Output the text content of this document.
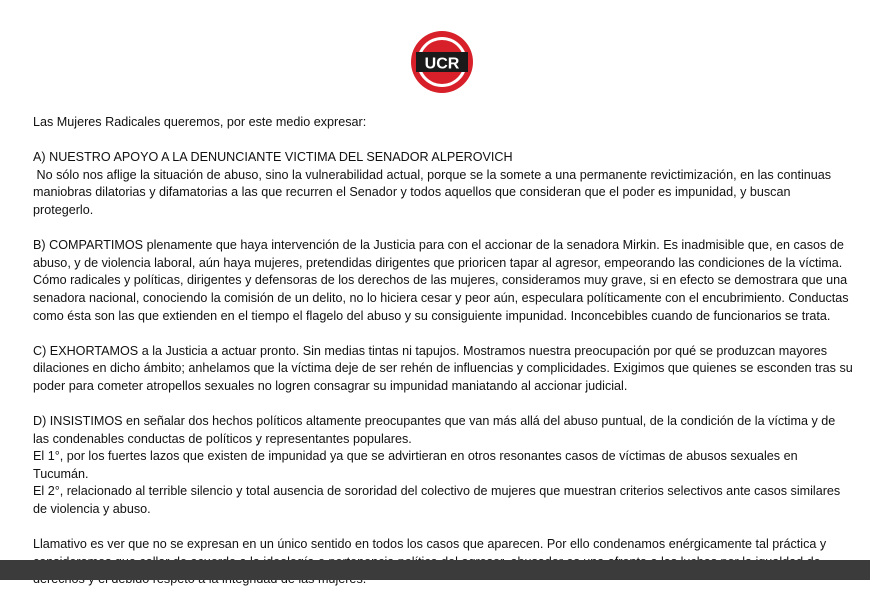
UCR

Las Mujeres Radicales queremos, por este medio expresar:

A) NUESTRO APOYO A LA DENUNCIANTE VICTIMA DEL SENADOR ALPEROVICH

No sólo nos aflige la situación de abuso, sino la vulnerabilidad actual, porque se la somete a una permanente revictimización, en las continuas maniobras dilatorias y difamatorias a las que recurren el Senador y todos aquellos que consideran que el poder es impunidad, y buscan protegerlo.

B) COMPARTIMOS plenamente que haya intervención de la Justicia para con el accionar de la senadora Mirkin. Es inadmisible que, en casos de abuso, y de violencia laboral, aún haya mujeres, pretendidas dirigentes que prioricen tapar al agresor, empeorando las condiciones de la víctima.

Cómo radicales y políticas, dirigentes y defensoras de los derechos de las mujeres, consideramos muy grave, si en efecto se demostrara que una senadora nacional, conociendo la comisión de un delito, no lo hiciera cesar y peor aún, especulara políticamente con el encubrimiento. Conductas como ésta son las que extienden en el tiempo el flagelo del abuso y su consiguiente impunidad. Inconcebibles cuando de funcionarios se trata.

C) EXHORTAMOS a la Justicia a actuar pronto. Sin medias tintas ni tapujos. Mostramos nuestra preocupación por qué se produzcan mayores dilaciones en dicho ámbito; anhelamos que la víctima deje de ser rehén de influencias y complicidades. Exigimos que quienes se esconden tras su poder para cometer atropellos sexuales no logren consagrar su impunidad maniatando al accionar judicial.

D) INSISTIMOS en señalar dos hechos políticos altamente preocupantes que van más allá del abuso puntual, de la condición de la víctima y de las condenables conductas de políticos y representantes populares.

El 1°, por los fuertes lazos que existen de impunidad ya que se advirtieran en otros resonantes casos de víctimas de abusos sexuales en Tucumán.

El 2°, relacionado al terrible silencio y total ausencia de sororidad del colectivo de mujeres que muestran criterios selectivos ante casos similares de violencia y abuso.

Llamativo es ver que no se expresan en un único sentido en todos los casos que aparecen. Por ello condenamos enérgicamente tal práctica y
